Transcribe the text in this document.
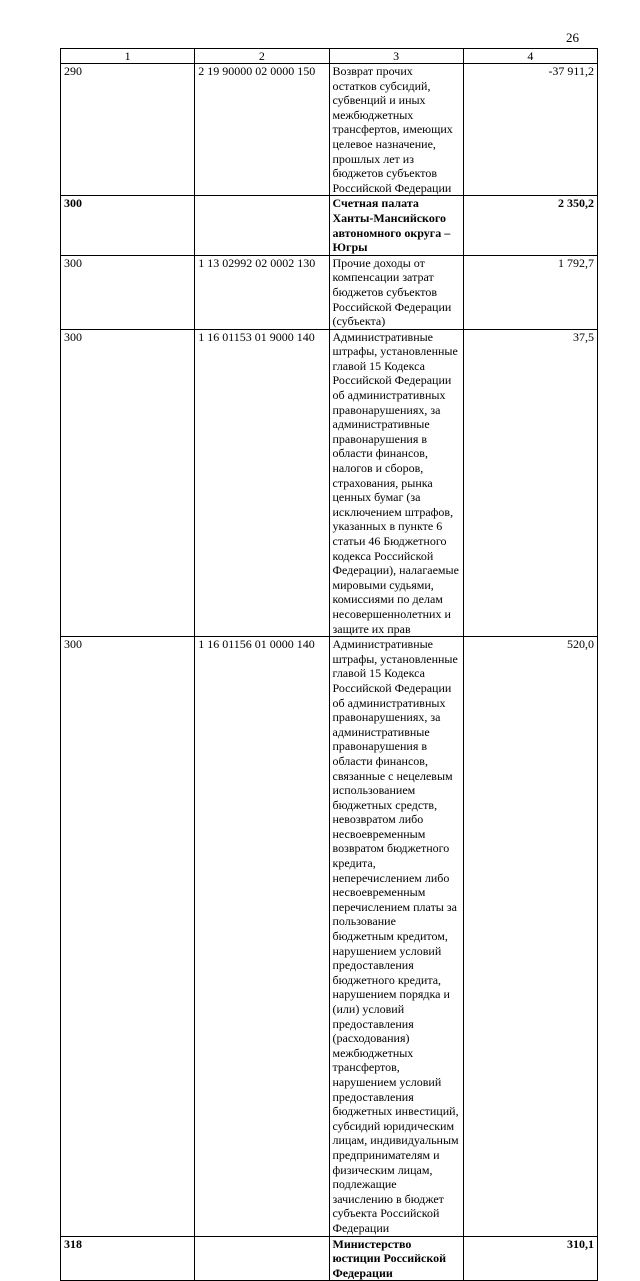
26
1	2	3	4
290	2 19 90000 02 0000 150	Возврат прочих остатков субсидий, субвенций и иных межбюджетных трансфертов, имеющих целевое назначение, прошлых лет из бюджетов субъектов Российской Федерации	-37 911,2
300		Счетная палата Ханты-Мансийского автономного округа – Югры	2 350,2
300	1 13 02992 02 0002 130	Прочие доходы от компенсации затрат бюджетов субъектов Российской Федерации (субъекта)	1 792,7
300	1 16 01153 01 9000 140	Административные штрафы, установленные главой 15 Кодекса Российской Федерации об административных правонарушениях, за административные правонарушения в области финансов, налогов и сборов, страхования, рынка ценных бумаг (за исключением штрафов, указанных в пункте 6 статьи 46 Бюджетного кодекса Российской Федерации), налагаемые мировыми судьями, комиссиями по делам несовершеннолетних и защите их прав	37,5
300	1 16 01156 01 0000 140	Административные штрафы, установленные главой 15 Кодекса Российской Федерации об административных правонарушениях, за административные правонарушения в области финансов, связанные с нецелевым использованием бюджетных средств, невозвратом либо несвоевременным возвратом бюджетного кредита, неперечислением либо несвоевременным перечислением платы за пользование бюджетным кредитом, нарушением условий предоставления бюджетного кредита, нарушением порядка и (или) условий предоставления (расходования) межбюджетных трансфертов, нарушением условий предоставления бюджетных инвестиций, субсидий юридическим лицам, индивидуальным предпринимателям и физическим лицам, подлежащие зачислению в бюджет субъекта Российской Федерации	520,0
318		Министерство юстиции Российской Федерации	310,1
